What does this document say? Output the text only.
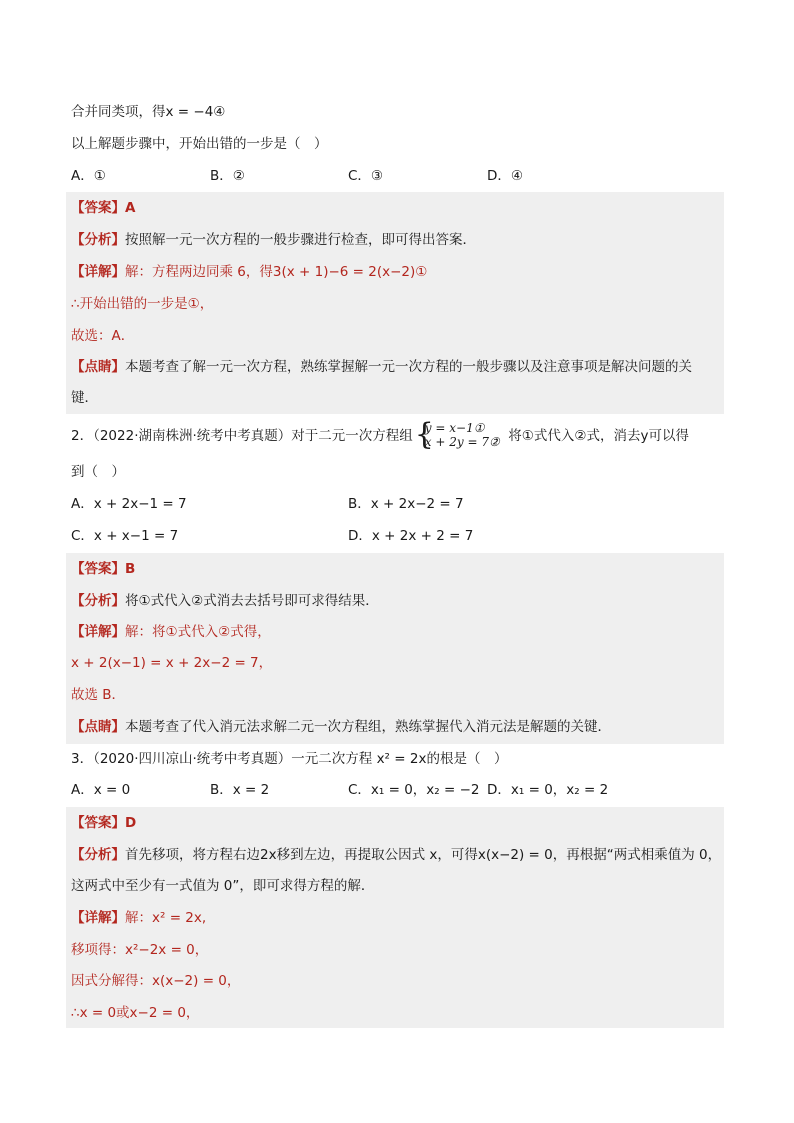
合并同类项，得x = −4④
以上解题步骤中，开始出错的一步是（　）
A．①	B．②	C．③	D．④
【答案】A
【分析】按照解一元一次方程的一般步骤进行检查，即可得出答案．
【详解】解：方程两边同乘 6，得3(x + 1)−6 = 2(x−2)①
∴开始出错的一步是①，
故选：A．
【点睛】本题考查了解一元一次方程，熟练掌握解一元一次方程的一般步骤以及注意事项是解决问题的关
键．
2．（2022·湖南株洲·统考中考真题）对于二元一次方程组 {
y = x−1①
x + 2y = 7②
，将①式代入②式，消去y可以得
到（　）
A．x + 2x−1 = 7	B．x + 2x−2 = 7
C．x + x−1 = 7	D．x + 2x + 2 = 7
【答案】B
【分析】将①式代入②式消去去括号即可求得结果．
【详解】解：将①式代入②式得，
x + 2(x−1) = x + 2x−2 = 7，
故选 B．
【点睛】本题考查了代入消元法求解二元一次方程组，熟练掌握代入消元法是解题的关键．
3．（2020·四川凉山·统考中考真题）一元二次方程 x² = 2x的根是（　）
A．x = 0	B．x = 2	C．x₁ = 0，x₂ = −2 D．x₁ = 0，x₂ = 2
【答案】D
【分析】首先移项，将方程右边2x移到左边，再提取公因式 x，可得x(x−2) = 0，再根据“两式相乘值为 0，
这两式中至少有一式值为 0”，即可求得方程的解．
【详解】解：x² = 2x,
移项得：x²−2x = 0，
因式分解得：x(x−2) = 0，
∴x = 0或x−2 = 0，
